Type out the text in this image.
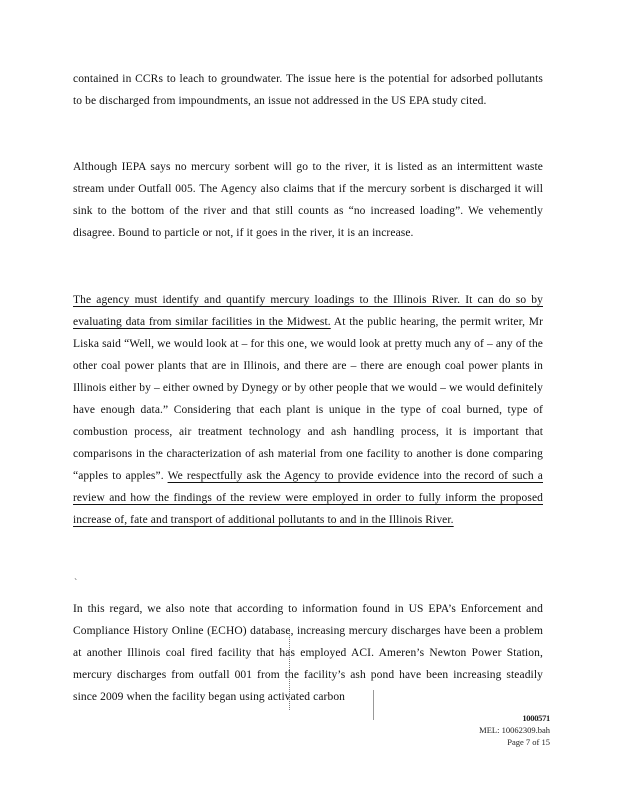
contained in CCRs to leach to groundwater. The issue here is the potential for adsorbed pollutants to be discharged from impoundments, an issue not addressed in the US EPA study cited.
Although IEPA says no mercury sorbent will go to the river, it is listed as an intermittent waste stream under Outfall 005. The Agency also claims that if the mercury sorbent is discharged it will sink to the bottom of the river and that still counts as “no increased loading”. We vehemently disagree. Bound to particle or not, if it goes in the river, it is an increase.
The agency must identify and quantify mercury loadings to the Illinois River. It can do so by evaluating data from similar facilities in the Midwest. At the public hearing, the permit writer, Mr Liska said “Well, we would look at – for this one, we would look at pretty much any of – any of the other coal power plants that are in Illinois, and there are – there are enough coal power plants in Illinois either by – either owned by Dynegy or by other people that we would – we would definitely have enough data.” Considering that each plant is unique in the type of coal burned, type of combustion process, air treatment technology and ash handling process, it is important that comparisons in the characterization of ash material from one facility to another is done comparing “apples to apples”. We respectfully ask the Agency to provide evidence into the record of such a review and how the findings of the review were employed in order to fully inform the proposed increase of, fate and transport of additional pollutants to and in the Illinois River.
`
In this regard, we also note that according to information found in US EPA’s Enforcement and Compliance History Online (ECHO) database, increasing mercury discharges have been a problem at another Illinois coal fired facility that has employed ACI. Ameren’s Newton Power Station, mercury discharges from outfall 001 from the facility’s ash pond have been increasing steadily since 2009 when the facility began using activated carbon
1000571
MEL: 10062309.bah
Page 7 of 15
